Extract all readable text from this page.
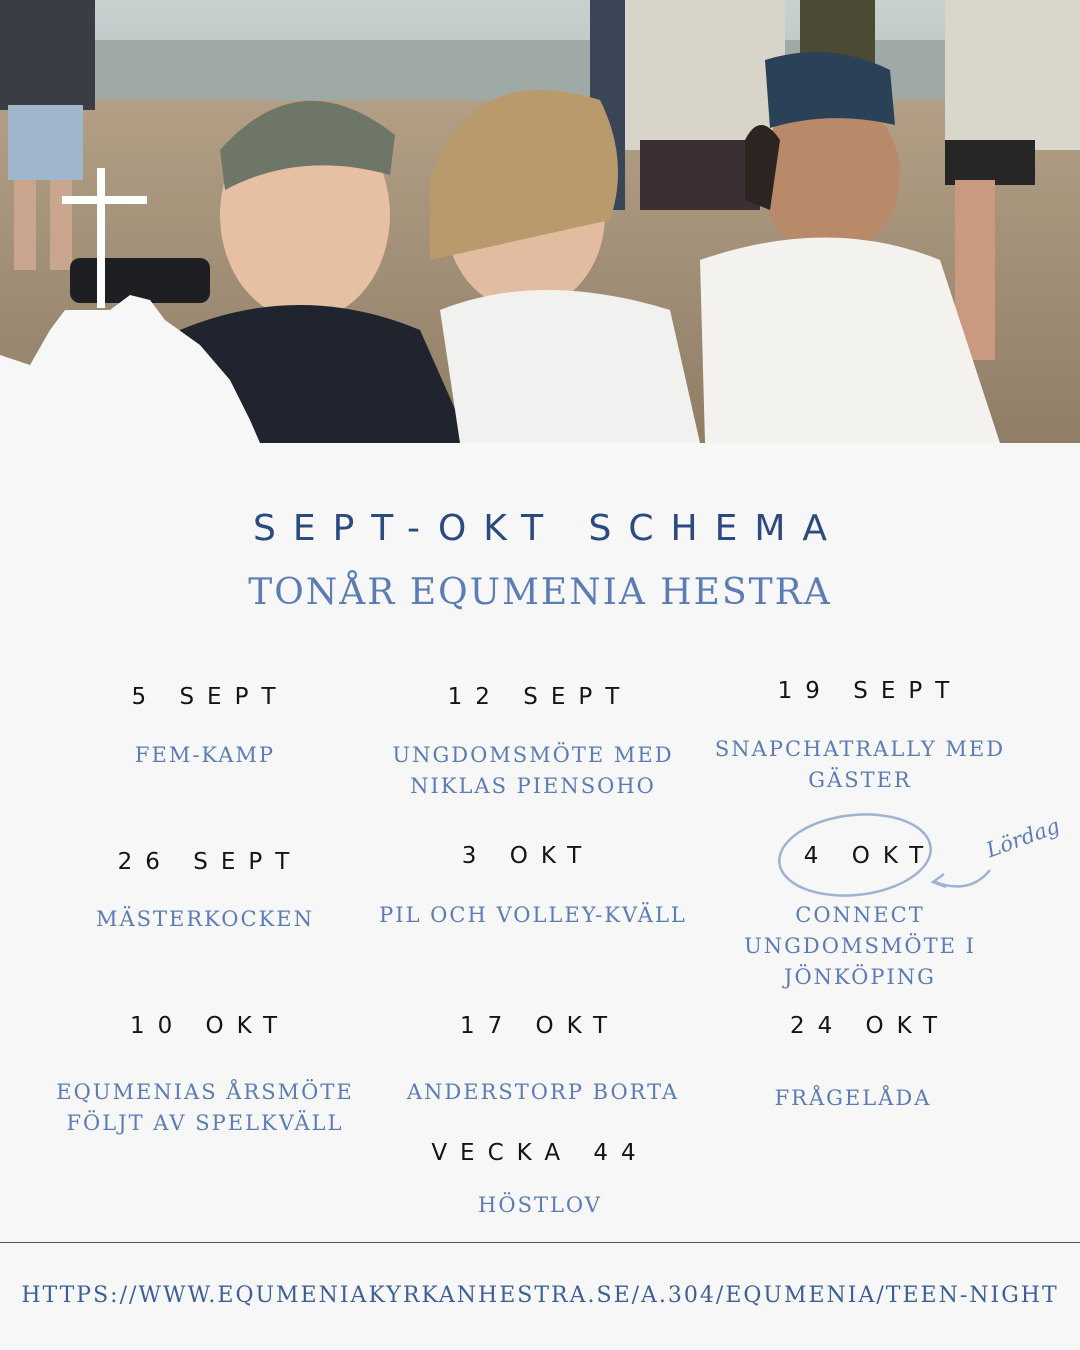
SEPT-OKT SCHEMA
TONÅR EQUMENIA HESTRA
5 SEPT
FEM-KAMP
12 SEPT
UNGDOMSMÖTE MED NIKLAS PIENSOHO
19 SEPT
SNAPCHATRALLY MED GÄSTER
26 SEPT
MÄSTERKOCKEN
3 OKT
PIL OCH VOLLEY-KVÄLL
4 OKT
CONNECT UNGDOMSMÖTE I JÖNKÖPING
10 OKT
EQUMENIAS ÅRSMÖTE FÖLJT AV SPELKVÄLL
17 OKT
ANDERSTORP BORTA
24 OKT
FRÅGELÅDA
VECKA 44
HÖSTLOV
Lördag
HTTPS://WWW.EQUMENIAKYRKANHESTRA.SE/A.304/EQUMENIA/TEEN-NIGHT
